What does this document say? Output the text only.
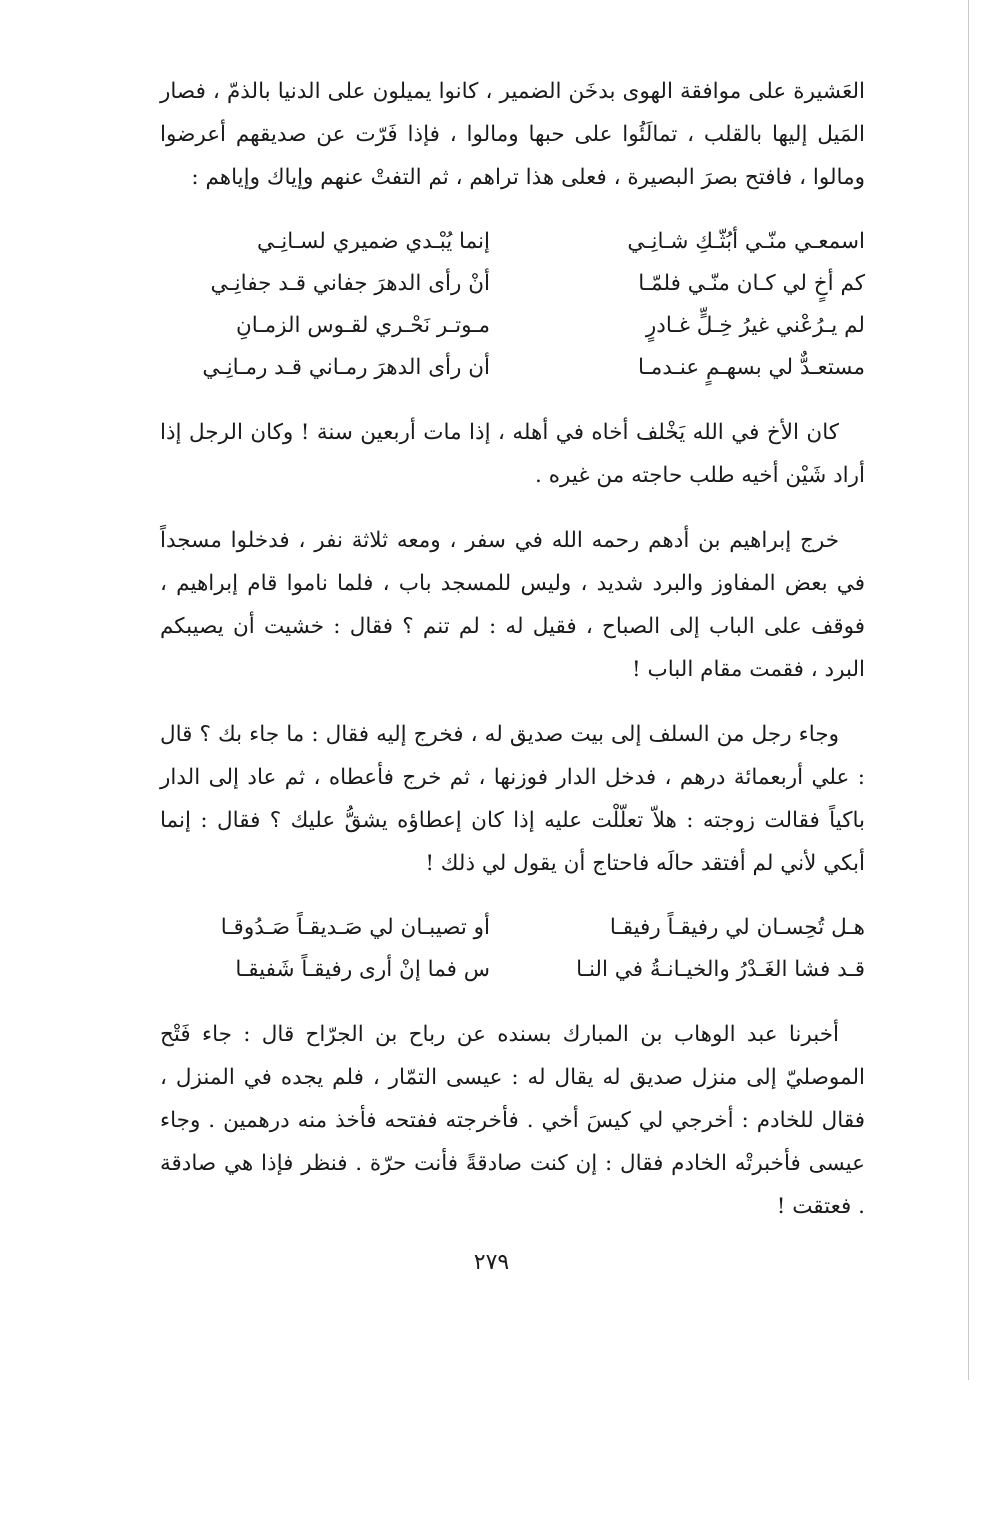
العَشيرة على موافقة الهوى بدخَن الضمير ، كانوا يميلون على الدنيا بالذمّ ، فصار المَيل إليها بالقلب ، تمالَئُوا على حبها ومالوا ، فإذا فَرّت عن صديقهم أعرضوا ومالوا ، فافتح بصرَ البصيرة ، فعلى هذا تراهم ، ثم التفتْ عنهم وإياك وإياهم :

اسمعـي منّـي أبُثّـكِ شـانِـي
إنما يُبْـدي ضميري لسـانِـي
كم أخٍ لي كـان منّـي فلمّـا
أنْ رأى الدهرَ جفاني قـد جفانِـي
لم يـرُعْني غيرُ خِـلٍّ غـادرٍ
مـوتـر نَحْـري لقـوس الزمـانِ
مستعـدٌّ لي بسهـمٍ عنـدمـا
أن رأى الدهرَ رمـاني قـد رمـانِـي

كان الأخ في الله يَخْلف أخاه في أهله ، إذا مات أربعين سنة ! وكان الرجل إذا أراد شَيْن أخيه طلب حاجته من غيره .

خرج إبراهيم بن أدهم رحمه الله في سفر ، ومعه ثلاثة نفر ، فدخلوا مسجداً في بعض المفاوز والبرد شديد ، وليس للمسجد باب ، فلما ناموا قام إبراهيم ، فوقف على الباب إلى الصباح ، فقيل له : لم تنم ؟ فقال : خشيت أن يصيبكم البرد ، فقمت مقام الباب !

وجاء رجل من السلف إلى بيت صديق له ، فخرج إليه فقال : ما جاء بك ؟ قال : علي أربعمائة درهم ، فدخل الدار فوزنها ، ثم خرج فأعطاه ، ثم عاد إلى الدار باكياً فقالت زوجته : هلاّ تعلّلْت عليه إذا كان إعطاؤه يشقُّ عليك ؟ فقال : إنما أبكي لأني لم أفتقد حالَه فاحتاج أن يقول لي ذلك !

هـل تُحِسـان لي رفيقـاً رفيقـا
أو تصيبـان لي صَـديقـاً صَـدُوقـا
قـد فشا الغَـدْرُ والخيـانـةُ في النـا
س فما إنْ أرى رفيقـاً شَفيقـا

أخبرنا عبد الوهاب بن المبارك بسنده عن رباح بن الجرّاح قال : جاء فَتْح الموصليّ إلى منزل صديق له يقال له : عيسى التمّار ، فلم يجده في المنزل ، فقال للخادم : أخرجي لي كيسَ أخي . فأخرجته ففتحه فأخذ منه درهمين . وجاء عيسى فأخبرتْه الخادم فقال : إن كنت صادقةً فأنت حرّة . فنظر فإذا هي صادقة . فعتقت !

٢٧٩
